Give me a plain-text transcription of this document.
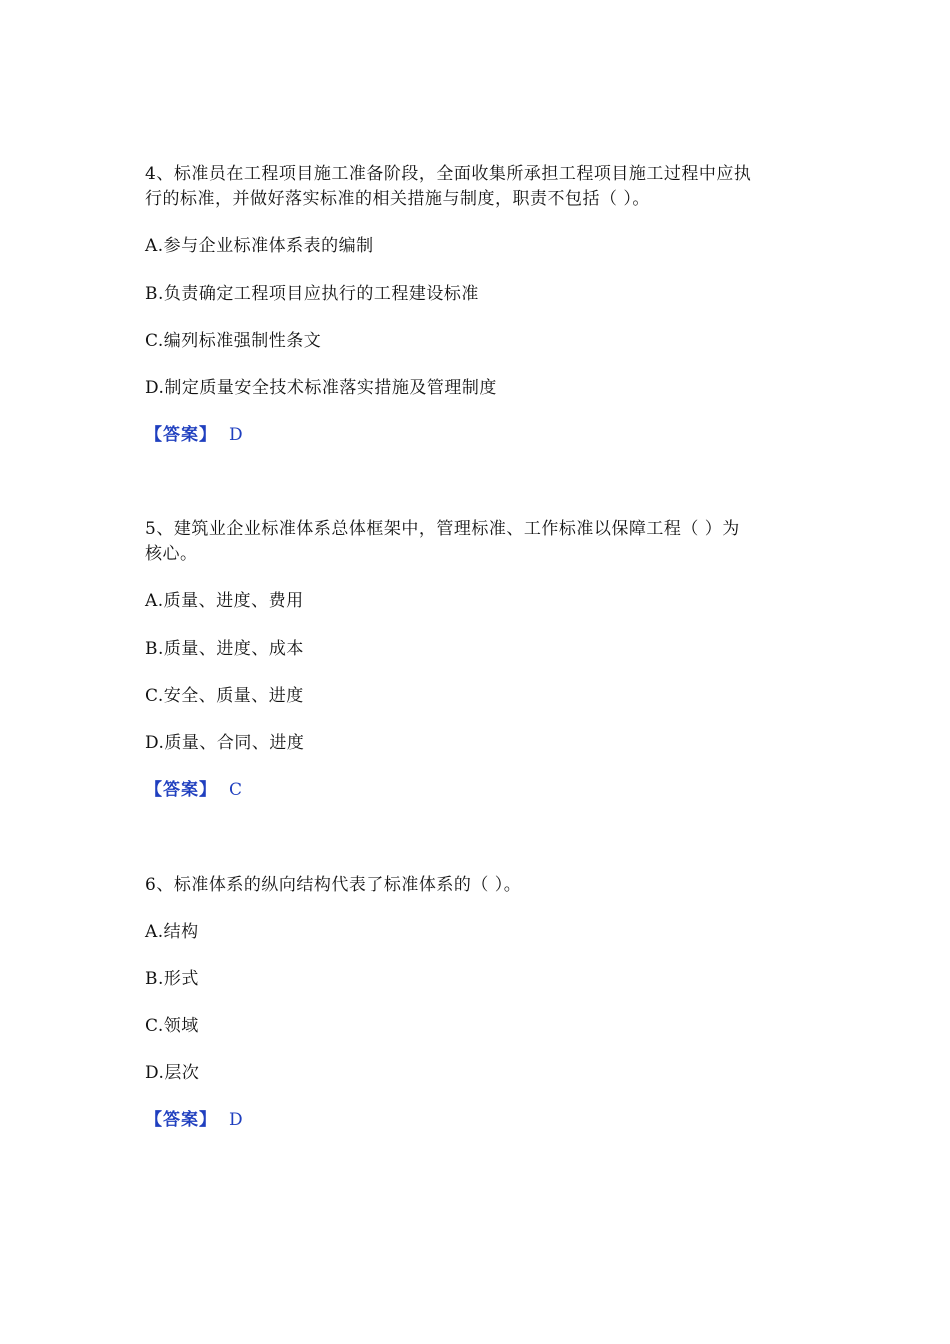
4、标准员在工程项目施工准备阶段，全面收集所承担工程项目施工过程中应执
行的标准，并做好落实标准的相关措施与制度，职责不包括（ ）。
A.参与企业标准体系表的编制
B.负责确定工程项目应执行的工程建设标准
C.编列标准强制性条文
D.制定质量安全技术标准落实措施及管理制度
【答案】 D
5、建筑业企业标准体系总体框架中，管理标准、工作标准以保障工程（ ）为
核心。
A.质量、进度、费用
B.质量、进度、成本
C.安全、质量、进度
D.质量、合同、进度
【答案】 C
6、标准体系的纵向结构代表了标准体系的（ ）。
A.结构
B.形式
C.领域
D.层次
【答案】 D
